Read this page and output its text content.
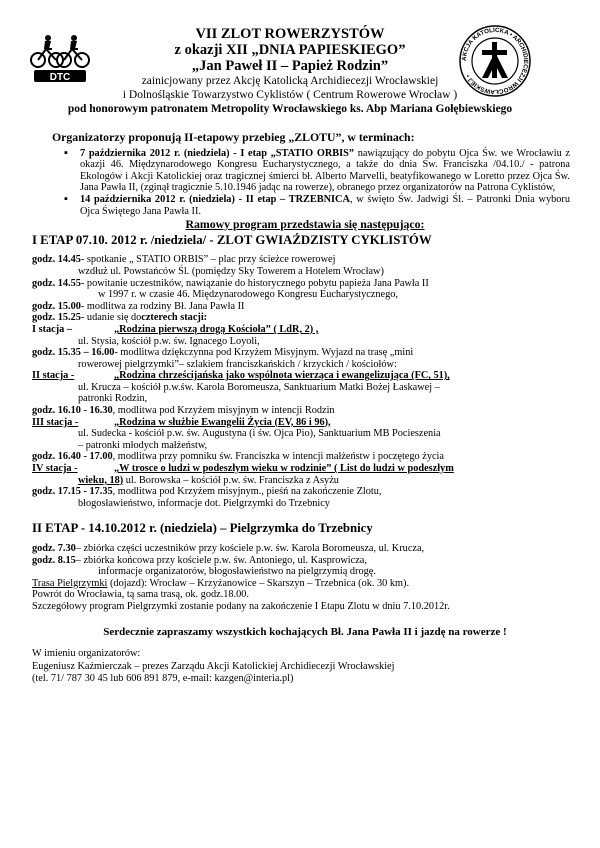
DTC
AKCJA KATOLICKA • ARCHIDIECEZJI WROCŁAWSKIEJ •
VII ZLOT ROWERZYSTÓW
z okazji XII „DNIA PAPIESKIEGO”
„Jan Paweł II – Papież Rodzin”
zainicjowany przez Akcję Katolicką Archidiecezji Wrocławskiej
i Dolnośląskie Towarzystwo Cyklistów ( Centrum Rowerowe Wrocław )
pod honorowym patronatem Metropolity Wrocławskiego ks. Abp Mariana Gołębiewskiego
Organizatorzy proponują II-etapowy przebieg „ZLOTU”, w terminach:
▪ 7 października 2012 r. (niedziela) - I etap „STATIO ORBIS” nawiązujący do pobytu Ojca Św. we Wrocławiu z okazji 46. Międzynarodowego Kongresu Eucharystycznego, a także do dnia Św. Franciszka /04.10./ - patrona Ekologów i Akcji Katolickiej oraz tragicznej śmierci bł. Alberto Marvelli, beatyfikowanego w Loretto przez Ojca Św. Jana Pawła II, (zginął tragicznie 5.10.1946 jadąc na rowerze), obranego przez organizatorów na Patrona Cyklistów,
▪ 14 października 2012 r. (niedziela) - II etap – TRZEBNICA, w święto Św. Jadwigi Śl. – Patronki Dnia wyboru Ojca Świętego Jana Pawła II.
Ramowy program przedstawia się następująco:
I ETAP 07.10. 2012 r. /niedziela/ - ZLOT GWIAŹDZISTY CYKLISTÓW
godz. 14.45 - spotkanie „ STATIO ORBIS” – plac przy ścieżce rowerowej
wzdłuż ul. Powstańców Śl. (pomiędzy Sky Towerem a Hotelem Wrocław)
godz. 14.55 - powitanie uczestników, nawiązanie do historycznego pobytu papieża Jana Pawła II
w 1997 r. w czasie 46. Międzynarodowego Kongresu Eucharystycznego,
godz. 15.00 - modlitwa za rodziny Bł. Jana Pawła II
godz. 15.25 - udanie się do czterech stacji:
I stacja –	„Rodzina pierwszą drogą Kościoła” ( LdR, 2) ,
ul. Stysia, kościół p.w. św. Ignacego Loyoli,
godz. 15.35 – 16.00 - modlitwa dziękczynna pod Krzyżem Misyjnym. Wyjazd na trasę „mini
rowerowej pielgrzymki”– szlakiem franciszkańskich / krzyckich / kościołów:
II stacja -	„Rodzina chrześcijańska jako wspólnota wierząca i ewangelizująca (FC, 51),
ul. Krucza – kościół p.w.św. Karola Boromeusza, Sanktuarium Matki Bożej Łaskawej –
patronki Rodzin,
godz. 16.10 - 16.30 , modlitwa pod Krzyżem misyjnym w intencji Rodzin
III stacja -	„Rodzina w służbie Ewangelii Życia (EV, 86 i 96),
ul. Sudecka - kościół p.w. św. Augustyna (i św. Ojca Pio), Sanktuarium MB Pocieszenia
– patronki młodych małżeństw,
godz. 16.40 - 17.00 , modlitwa przy pomniku św. Franciszka w intencji małżeństw i poczętego życia
IV stacja -	„W trosce o ludzi w podeszłym wieku w rodzinie” ( List do ludzi w podeszłym
wieku, 18) ul. Borowska – kościół p.w. św. Franciszka z Asyżu
godz. 17.15 - 17.35 , modlitwa pod Krzyżem misyjnym., pieśń na zakończenie Zlotu,
błogosławieństwo, informacje dot. Pielgrzymki do Trzebnicy
II ETAP - 14.10.2012 r. (niedziela) – Pielgrzymka do Trzebnicy
godz. 7.30 – zbiórka części uczestników przy kościele p.w. św. Karola Boromeusza, ul. Krucza,
godz. 8.15 – zbiórka końcowa przy kościele p.w. św. Antoniego, ul. Kasprowicza,
informacje organizatorów, błogosławieństwo na pielgrzymią drogę.
Trasa Pielgrzymki (dojazd): Wrocław – Krzyżanowice – Skarszyn – Trzebnica (ok. 30 km).
Powrót do Wrocławia, tą sama trasą, ok. godz.18.00.
Szczegółowy program Pielgrzymki zostanie podany na zakończenie I Etapu Zlotu w dniu 7.10.2012r.
Serdecznie zapraszamy wszystkich kochających Bł. Jana Pawła II i jazdę na rowerze !
W imieniu organizatorów:
Eugeniusz Kaźmierczak – prezes Zarządu Akcji Katolickiej Archidiecezji Wrocławskiej
(tel. 71/ 787 30 45 lub 606 891 879, e-mail: kazgen@interia.pl)
